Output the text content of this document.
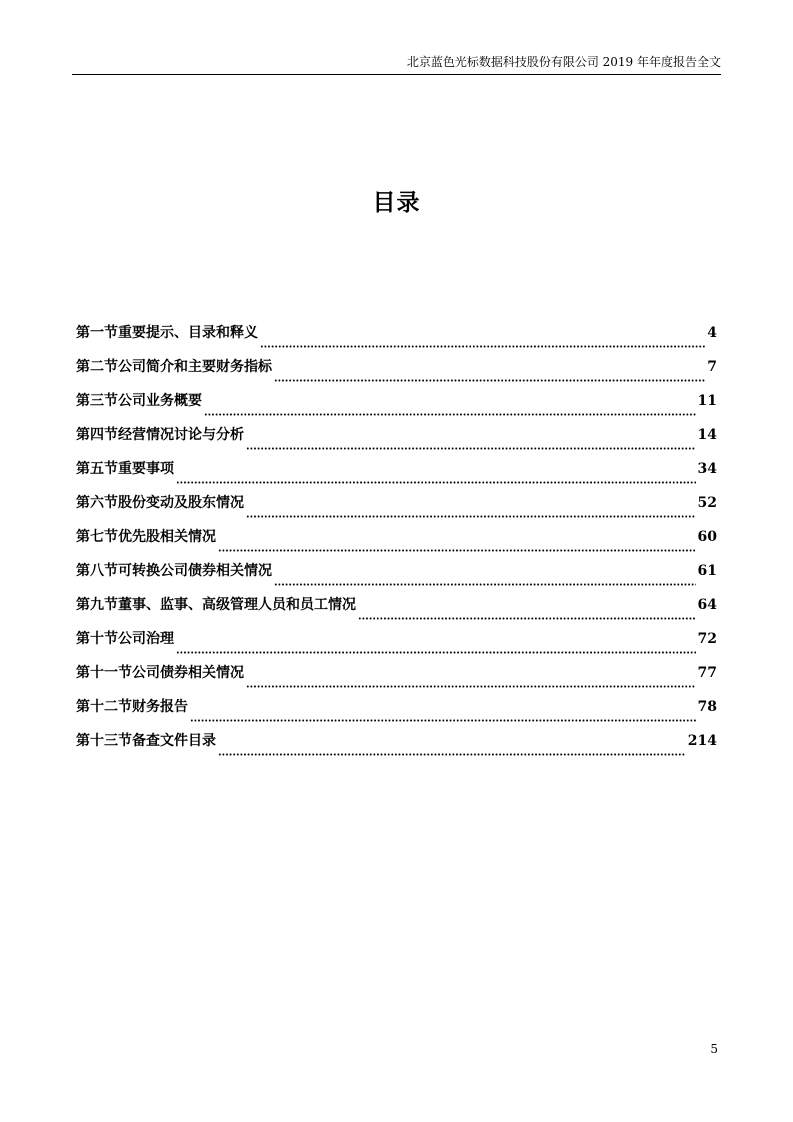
北京蓝色光标数据科技股份有限公司 2019 年年度报告全文
目录
第一节重要提示、目录和释义	4
第二节公司简介和主要财务指标	7
第三节公司业务概要	11
第四节经营情况讨论与分析	14
第五节重要事项	34
第六节股份变动及股东情况	52
第七节优先股相关情况	60
第八节可转换公司债券相关情况	61
第九节董事、监事、高级管理人员和员工情况	64
第十节公司治理	72
第十一节公司债券相关情况	77
第十二节财务报告	78
第十三节备查文件目录	214
5
